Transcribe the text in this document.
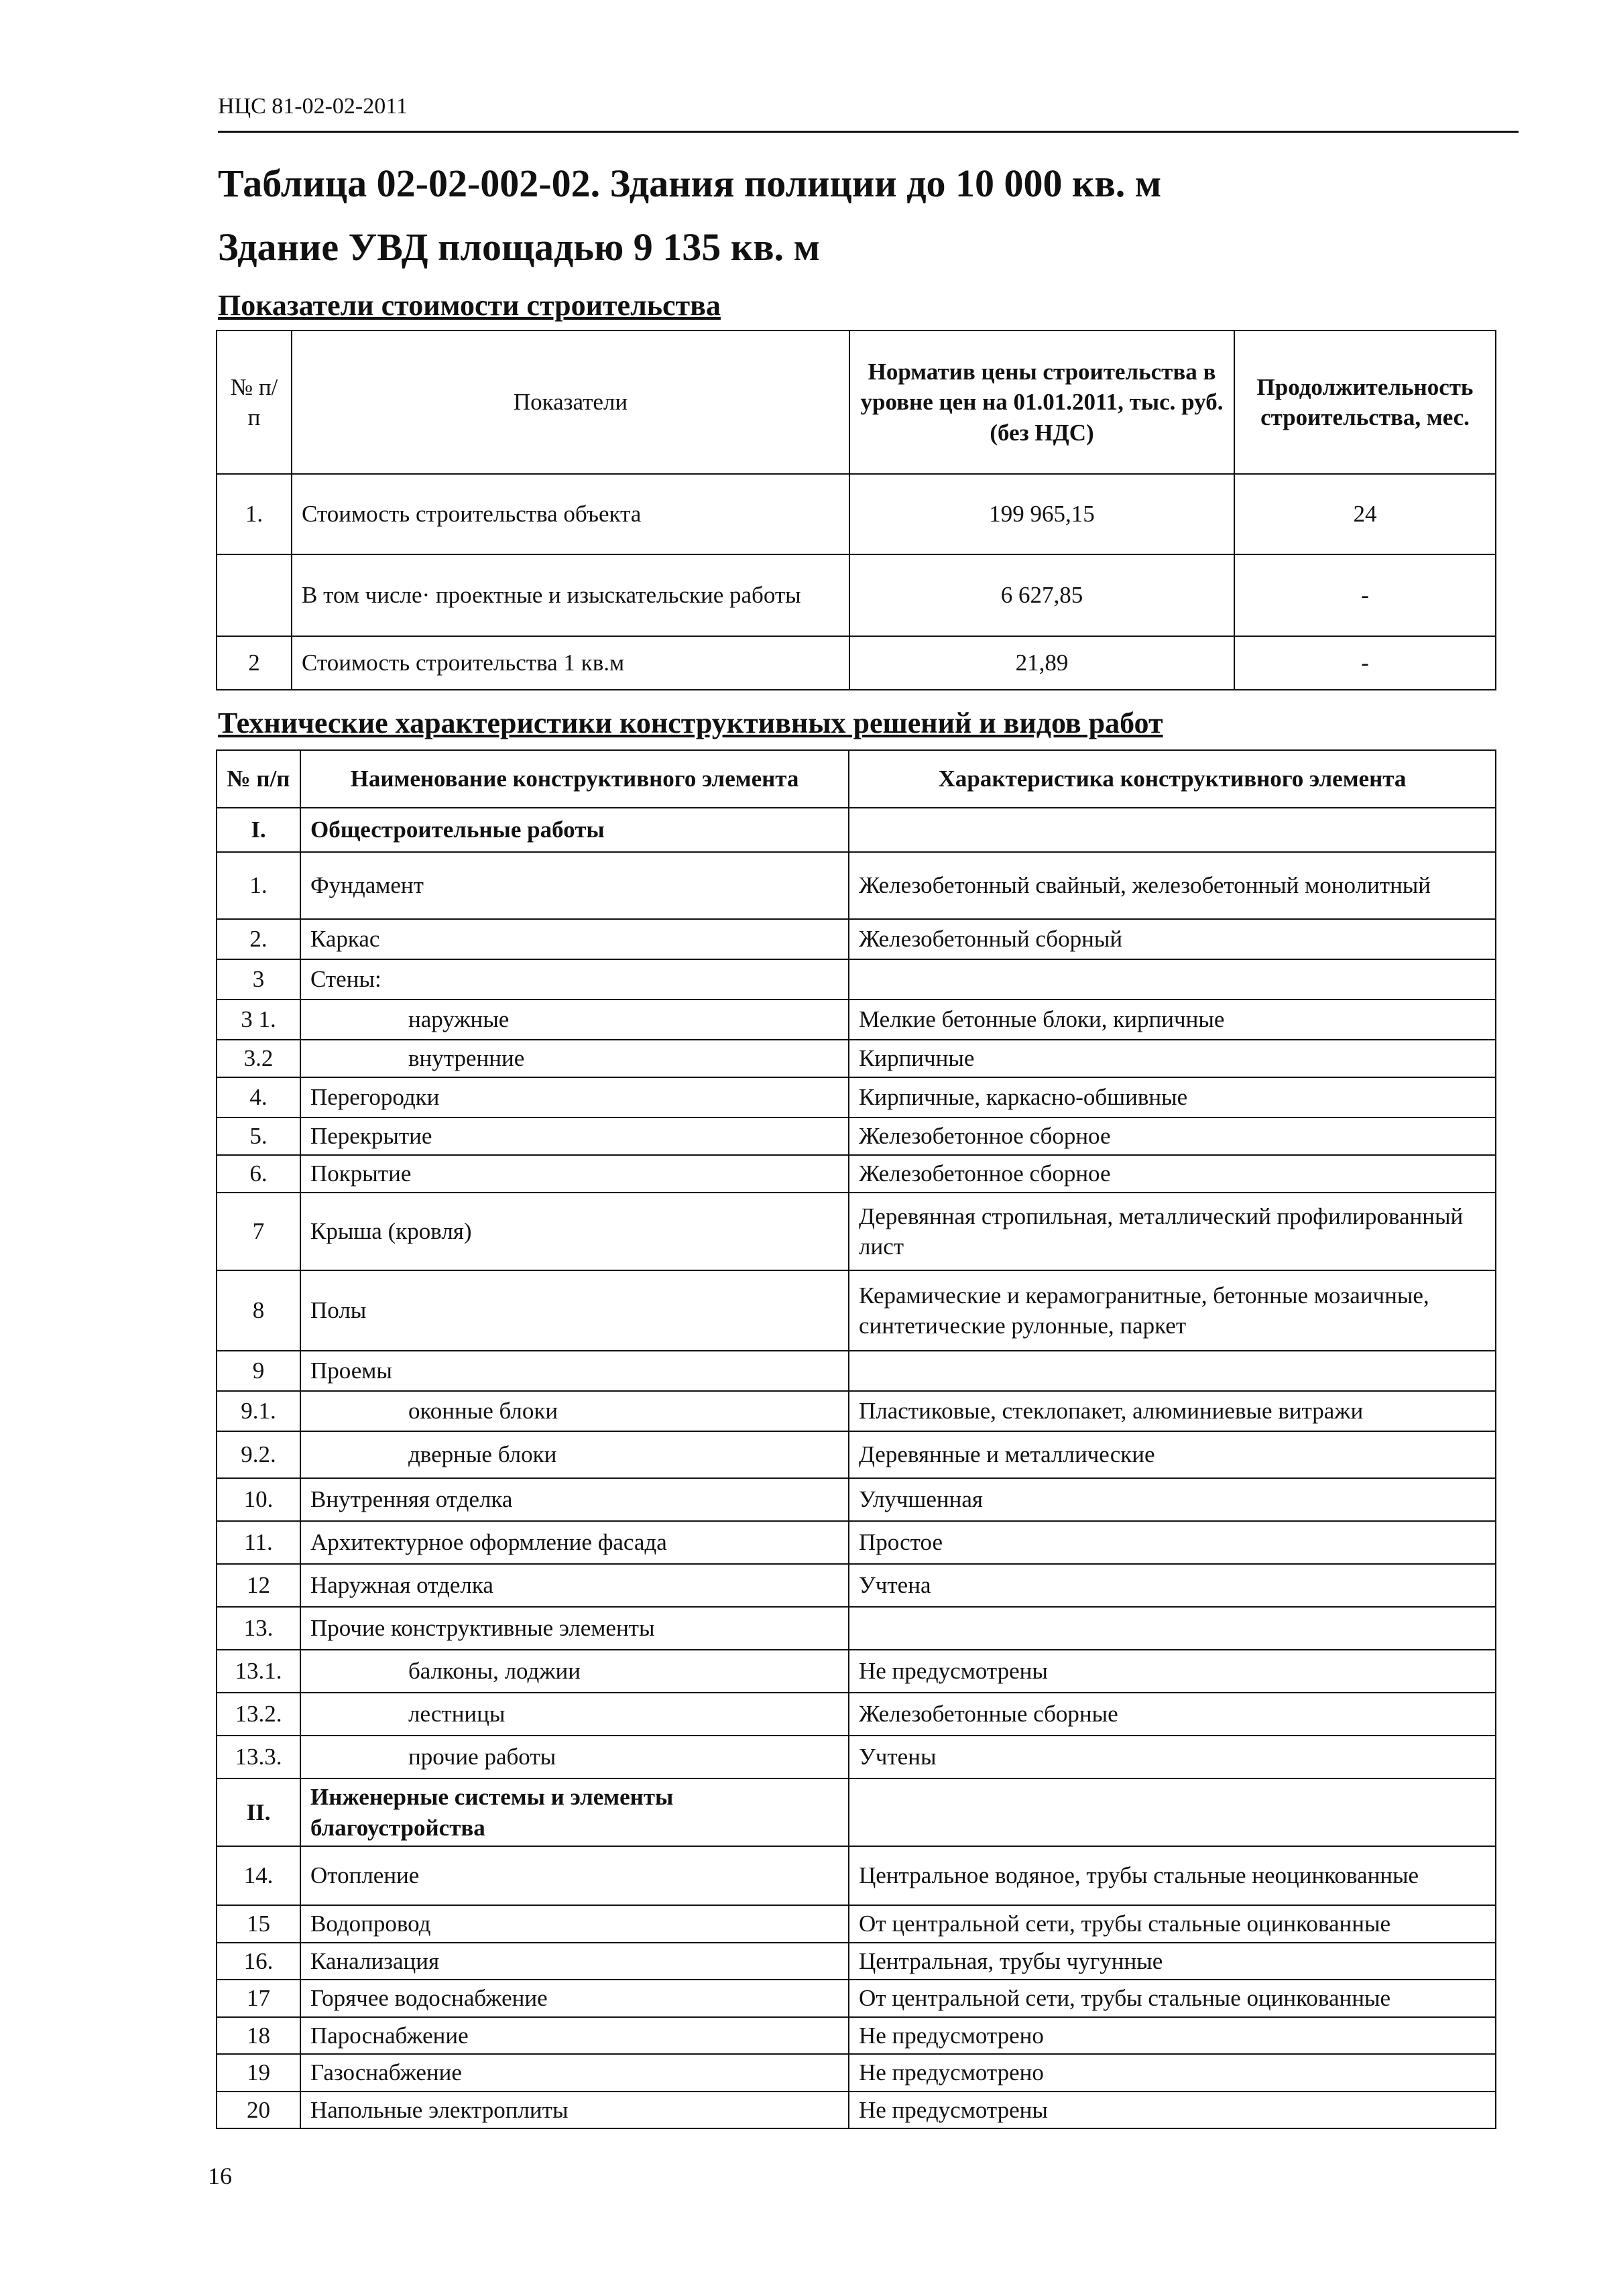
НЦС 81-02-02-2011
Таблица 02-02-002-02. Здания полиции до 10 000 кв. м
Здание УВД площадью 9 135 кв. м
Показатели стоимости строительства
№ п/п	Показатели	Норматив цены строительства в уровне цен на 01.01.2011, тыс. руб. (без НДС)	Продолжительность строительства, мес.
1.	Стоимость строительства объекта	199 965,15	24
	В том числе· проектные и изыскательские работы	6 627,85	-
2	Стоимость строительства 1 кв.м	21,89	-
Технические характеристики конструктивных решений и видов работ
№ п/п	Наименование конструктивного элемента	Характеристика конструктивного элемента
I.	Общестроительные работы	
1.	Фундамент	Железобетонный свайный, железобетонный монолитный
2.	Каркас	Железобетонный сборный
3	Стены:	
3 1.	наружные	Мелкие бетонные блоки, кирпичные
3.2	внутренние	Кирпичные
4.	Перегородки	Кирпичные, каркасно-обшивные
5.	Перекрытие	Железобетонное сборное
6.	Покрытие	Железобетонное сборное
7	Крыша (кровля)	Деревянная стропильная, металлический профилированный лист
8	Полы	Керамические и керамогранитные, бетонные мозаичные, синтетические рулонные, паркет
9	Проемы	
9.1.	оконные блоки	Пластиковые, стеклопакет, алюминиевые витражи
9.2.	дверные блоки	Деревянные и металлические
10.	Внутренняя отделка	Улучшенная
11.	Архитектурное оформление фасада	Простое
12	Наружная отделка	Учтена
13.	Прочие конструктивные элементы	
13.1.	балконы, лоджии	Не предусмотрены
13.2.	лестницы	Железобетонные сборные
13.3.	прочие работы	Учтены
II.	Инженерные системы и элементы благоустройства	
14.	Отопление	Центральное водяное, трубы стальные неоцинкованные
15	Водопровод	От центральной сети, трубы стальные оцинкованные
16.	Канализация	Центральная, трубы чугунные
17	Горячее водоснабжение	От центральной сети, трубы стальные оцинкованные
18	Пароснабжение	Не предусмотрено
19	Газоснабжение	Не предусмотрено
20	Напольные электроплиты	Не предусмотрены
16
